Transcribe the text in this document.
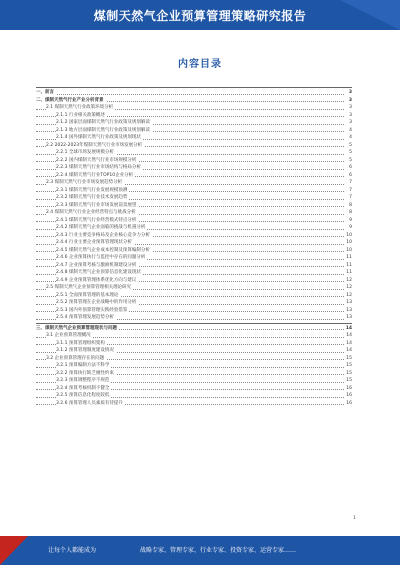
煤制天然气企业预算管理策略研究报告
内容目录
一、前言	3
二、煤制天然气行业产业分析背景	3
2.1 煤制天然气行业政策环境分析	3
2.1.1 行业相关政策概述	3
2.1.2 国家层面煤制天然气行业政策及规划解读	3
2.1.3 地方层面煤制天然气行业政策及规划解读	4
2.1.4 国外煤制天然气行业政策及规划现状	4
2.2 2022-2023年煤制天然气行业市场发展分析	5
2.2.1 全球市场发展规模分析	5
2.2.2 国内煤制天然气行业市场规模分析	5
2.2.3 煤制天然气行业市场结构与格局分析	6
2.2.4 煤制天然气行业TOP10企业分析	6
2.3 煤制天然气行业市场发展趋势分析	7
2.3.1 煤制天然气行业发展规模预测	7
2.3.2 煤制天然气行业技术发展趋势	7
2.3.3 煤制天然气行业市场发展前景展望	8
2.4 煤制天然气行业企业经营特点与挑战分析	8
2.4.1 煤制天然气行业经营模式特点分析	9
2.4.2 煤制天然气企业面临的挑战与机遇分析	9
2.4.3 行业主要竞争格局及企业核心竞争力分析	10
2.4.4 行业主要企业预算管理现状分析	10
2.4.5 煤制天然气企业成本控制及预算编制分析	10
2.4.6 企业预算执行与监控中存在的问题分析	11
2.4.7 企业预算考核与激励机制建设分析	11
2.4.8 煤制天然气企业预算信息化建设现状	11
2.4.9 企业预算管理体系优化方向与建议	12
2.5 煤制天然气企业预算管理相关理论研究	12
2.5.1 全面预算管理的基本理论	12
2.5.2 预算管理在企业战略中的作用分析	13
2.5.3 国内外预算管理实践经验借鉴	13
2.5.4 预算管理发展趋势分析	13
三、煤制天然气企业预算管理现状与问题	14
3.1 企业预算管理概况	14
3.1.1 预算管理组织架构	14
3.1.2 预算管理制度建设情况	14
3.2 企业预算管理存在的问题	15
3.2.1 预算编制方法不科学	15
3.2.2 预算执行缺乏刚性约束	15
3.2.3 预算调整程序不规范	15
3.2.4 预算考核机制不健全	16
3.2.5 预算信息化程度较低	16
3.2.6 预算管理人员素质有待提升	16
1
让每个人都能成为	战略专家、管理专家、行业专家、投资专家、运营专家……
